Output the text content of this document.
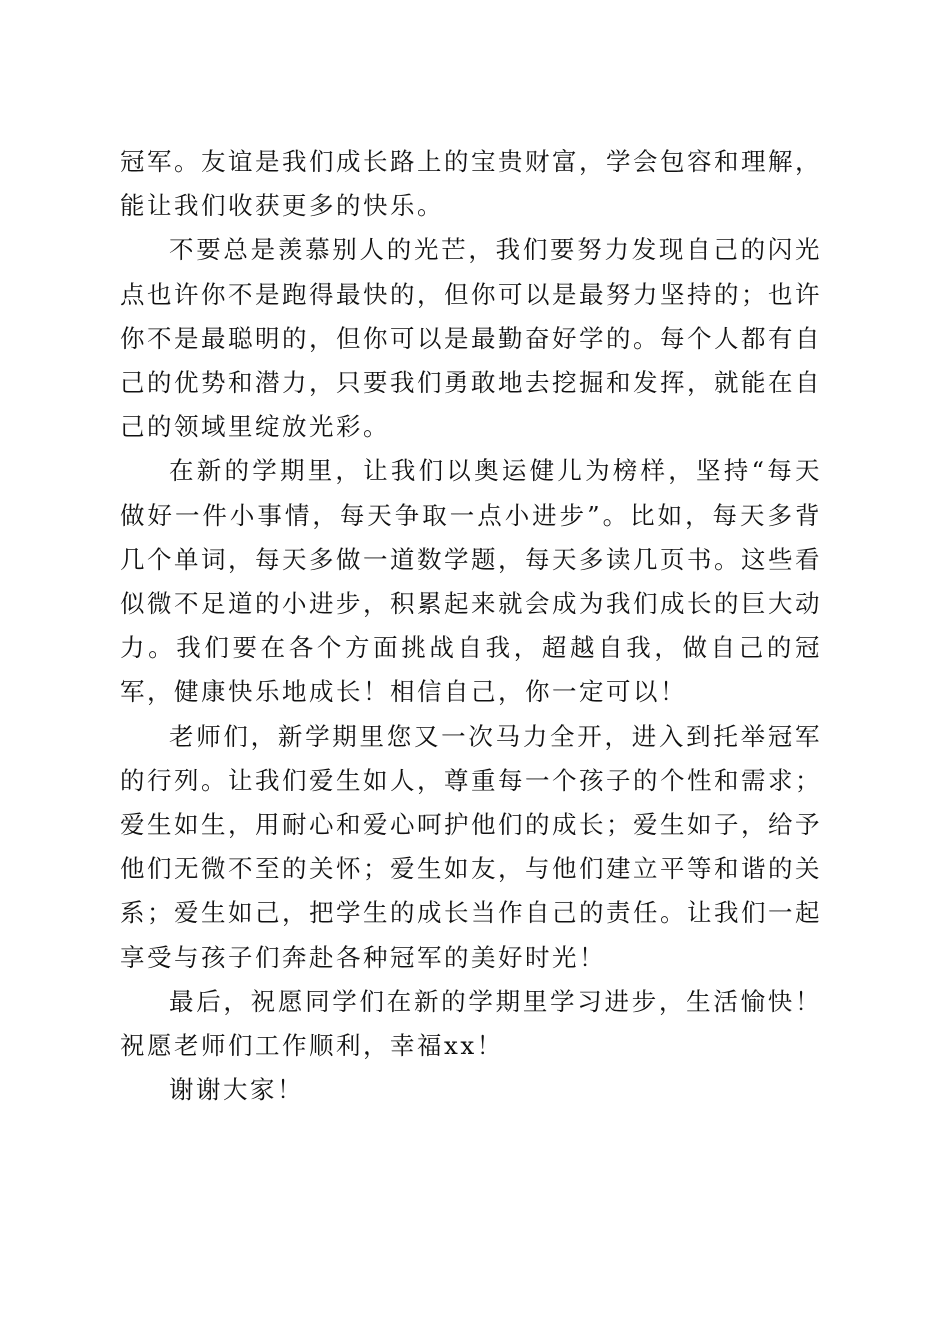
冠军。友谊是我们成长路上的宝贵财富，学会包容和理解，能让我们收获更多的快乐。

不要总是羡慕别人的光芒，我们要努力发现自己的闪光点也许你不是跑得最快的，但你可以是最努力坚持的；也许你不是最聪明的，但你可以是最勤奋好学的。每个人都有自己的优势和潜力，只要我们勇敢地去挖掘和发挥，就能在自己的领域里绽放光彩。

在新的学期里，让我们以奥运健儿为榜样，坚持“每天做好一件小事情，每天争取一点小进步”。比如，每天多背几个单词，每天多做一道数学题，每天多读几页书。这些看似微不足道的小进步，积累起来就会成为我们成长的巨大动力。我们要在各个方面挑战自我，超越自我，做自己的冠军，健康快乐地成长！相信自己，你一定可以！

老师们，新学期里您又一次马力全开，进入到托举冠军的行列。让我们爱生如人，尊重每一个孩子的个性和需求；爱生如生，用耐心和爱心呵护他们的成长；爱生如子，给予他们无微不至的关怀；爱生如友，与他们建立平等和谐的关系；爱生如己，把学生的成长当作自己的责任。让我们一起享受与孩子们奔赴各种冠军的美好时光！

最后，祝愿同学们在新的学期里学习进步，生活愉快！祝愿老师们工作顺利，幸福xx！

谢谢大家！
